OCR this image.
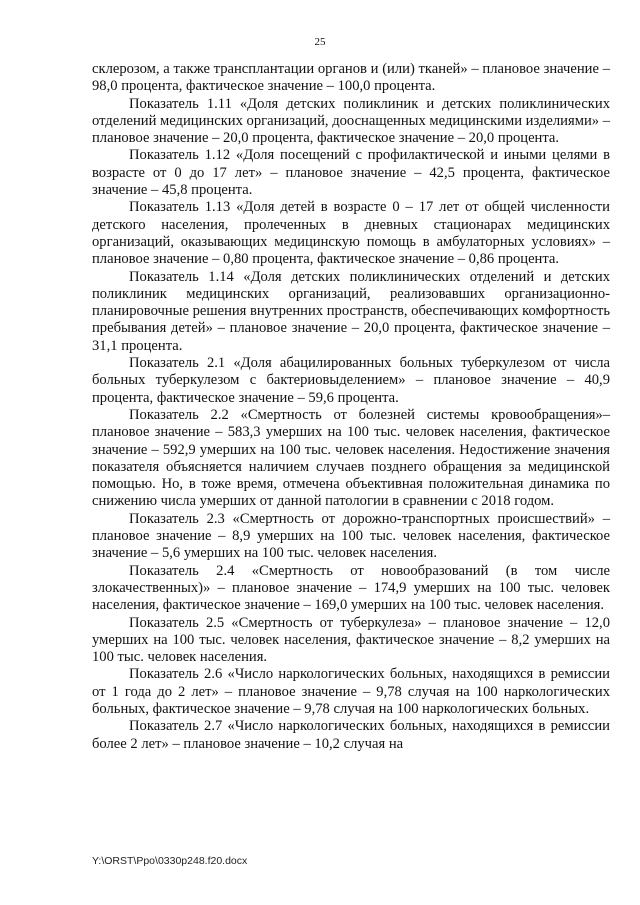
25

склерозом, а также трансплантации органов и (или) тканей» – плановое значение – 98,0 процента, фактическое значение – 100,0 процента.

Показатель 1.11 «Доля детских поликлиник и детских поликлинических отделений медицинских организаций, дооснащенных медицинскими изделиями» – плановое значение – 20,0 процента, фактическое значение – 20,0 процента.

Показатель 1.12 «Доля посещений с профилактической и иными целями в возрасте от 0 до 17 лет» – плановое значение – 42,5 процента, фактическое значение – 45,8 процента.

Показатель 1.13 «Доля детей в возрасте 0 – 17 лет от общей численности детского населения, пролеченных в дневных стационарах медицинских организаций, оказывающих медицинскую помощь в амбулаторных условиях» – плановое значение – 0,80 процента, фактическое значение – 0,86 процента.

Показатель 1.14 «Доля детских поликлинических отделений и детских поликлиник медицинских организаций, реализовавших организационно-планировочные решения внутренних пространств, обеспечивающих комфортность пребывания детей» – плановое значение – 20,0 процента, фактическое значение – 31,1 процента.

Показатель 2.1 «Доля абацилированных больных туберкулезом от числа больных туберкулезом с бактериовыделением» – плановое значение – 40,9 процента, фактическое значение – 59,6 процента.

Показатель 2.2 «Смертность от болезней системы кровообращения»– плановое значение – 583,3 умерших на 100 тыс. человек населения, фактическое значение – 592,9 умерших на 100 тыс. человек населения. Недостижение значения показателя объясняется наличием случаев позднего обращения за медицинской помощью. Но, в тоже время, отмечена объективная положительная динамика по снижению числа умерших от данной патологии в сравнении с 2018 годом.

Показатель 2.3 «Смертность от дорожно-транспортных происшествий» – плановое значение – 8,9 умерших на 100 тыс. человек населения, фактическое значение – 5,6 умерших на 100 тыс. человек населения.

Показатель 2.4 «Смертность от новообразований (в том числе злокачественных)» – плановое значение – 174,9 умерших на 100 тыс. человек населения, фактическое значение – 169,0 умерших на 100 тыс. человек населения.

Показатель 2.5 «Смертность от туберкулеза» – плановое значение – 12,0 умерших на 100 тыс. человек населения, фактическое значение – 8,2 умерших на 100 тыс. человек населения.

Показатель 2.6 «Число наркологических больных, находящихся в ремиссии от 1 года до 2 лет» – плановое значение – 9,78 случая на 100 наркологических больных, фактическое значение – 9,78 случая на 100 наркологических больных.

Показатель 2.7 «Число наркологических больных, находящихся в ремиссии более 2 лет» – плановое значение – 10,2 случая на

Y:\ORST\Ppo\0330p248.f20.docx
